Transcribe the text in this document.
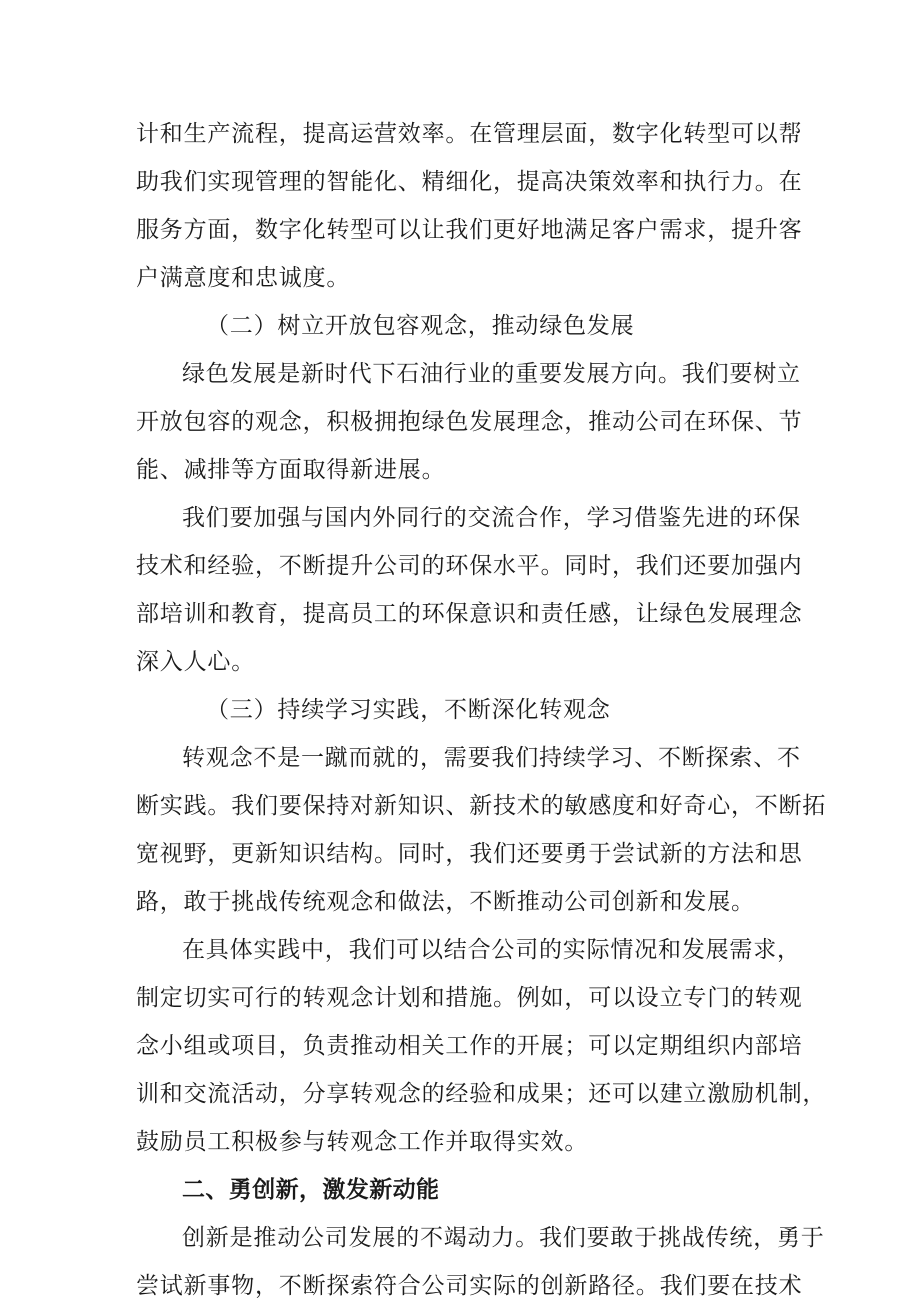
计和生产流程，提高运营效率。在管理层面，数字化转型可以帮
助我们实现管理的智能化、精细化，提高决策效率和执行力。在
服务方面，数字化转型可以让我们更好地满足客户需求，提升客
户满意度和忠诚度。
（二）树立开放包容观念，推动绿色发展
绿色发展是新时代下石油行业的重要发展方向。我们要树立
开放包容的观念，积极拥抱绿色发展理念，推动公司在环保、节
能、减排等方面取得新进展。
我们要加强与国内外同行的交流合作，学习借鉴先进的环保
技术和经验，不断提升公司的环保水平。同时，我们还要加强内
部培训和教育，提高员工的环保意识和责任感，让绿色发展理念
深入人心。
（三）持续学习实践，不断深化转观念
转观念不是一蹴而就的，需要我们持续学习、不断探索、不
断实践。我们要保持对新知识、新技术的敏感度和好奇心，不断拓
宽视野，更新知识结构。同时，我们还要勇于尝试新的方法和思
路，敢于挑战传统观念和做法，不断推动公司创新和发展。
在具体实践中，我们可以结合公司的实际情况和发展需求，
制定切实可行的转观念计划和措施。例如，可以设立专门的转观
念小组或项目，负责推动相关工作的开展；可以定期组织内部培
训和交流活动，分享转观念的经验和成果；还可以建立激励机制，
鼓励员工积极参与转观念工作并取得实效。
二、勇创新，激发新动能
创新是推动公司发展的不竭动力。我们要敢于挑战传统，勇于
尝试新事物，不断探索符合公司实际的创新路径。我们要在技术
